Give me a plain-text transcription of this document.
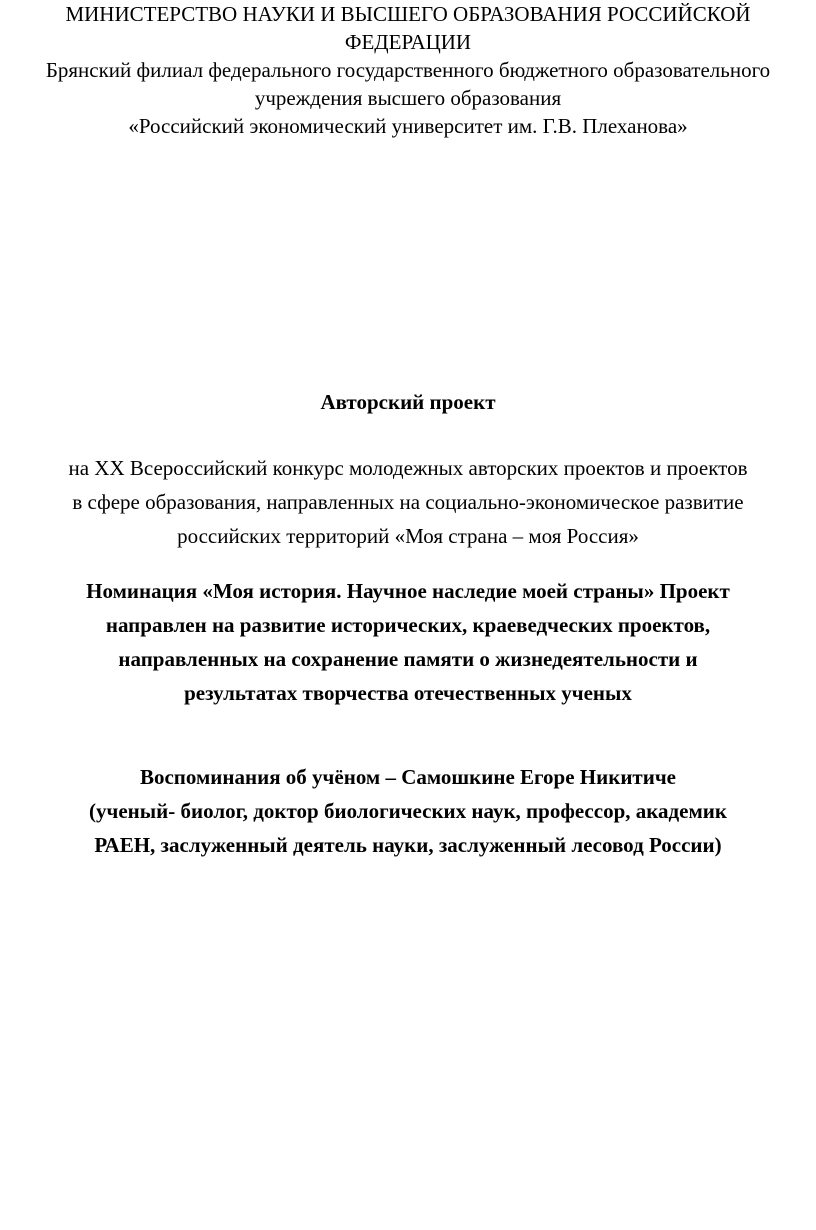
МИНИСТЕРСТВО НАУКИ И ВЫСШЕГО ОБРАЗОВАНИЯ РОССИЙСКОЙ
ФЕДЕРАЦИИ
Брянский филиал федерального государственного бюджетного образовательного
учреждения высшего образования
«Российский экономический университет им. Г.В. Плеханова»
Авторский проект
на XX Всероссийский конкурс молодежных авторских проектов и проектов
в сфере образования, направленных на социально-экономическое развитие
российских территорий «Моя страна – моя Россия»
Номинация «Моя история. Научное наследие моей страны» Проект
направлен на развитие исторических, краеведческих проектов,
направленных на сохранение памяти о жизнедеятельности и
результатах творчества отечественных ученых
Воспоминания об учёном – Самошкине Егоре Никитиче
(ученый- биолог, доктор биологических наук, профессор, академик
РАЕН, заслуженный деятель науки, заслуженный лесовод России)
